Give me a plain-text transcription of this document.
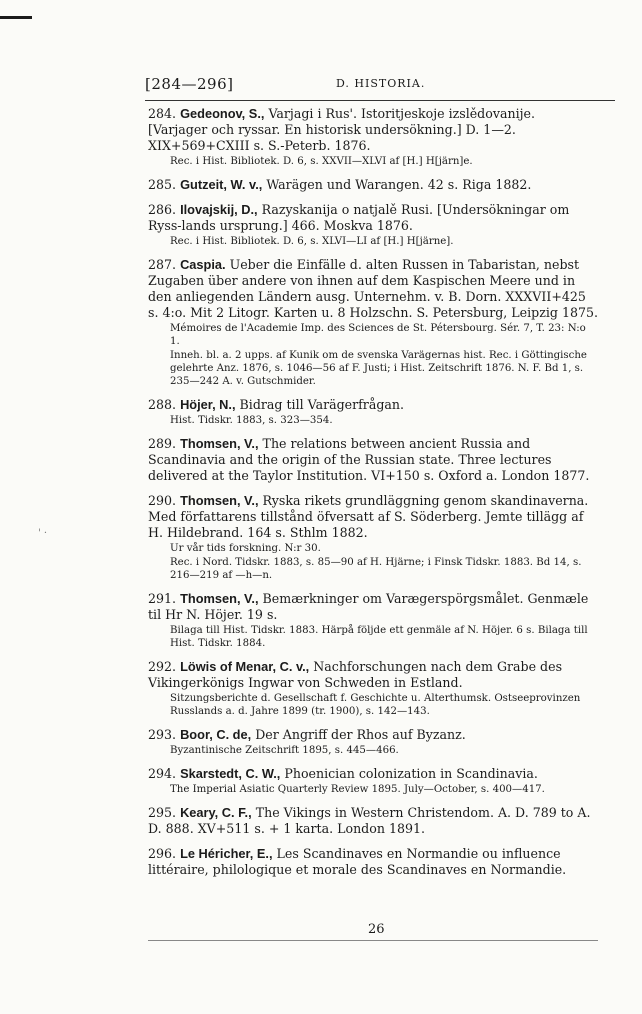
[284—296]	D. HISTORIA.
' ·
284. Gedeonov, S., Varjagi i Rus'. Istoritjeskoje izslědovanije. [Varjager och ryssar. En historisk undersökning.] D. 1—2. XIX+569+CXIII s. S.-Peterb. 1876.
Rec. i Hist. Bibliotek. D. 6, s. XXVII—XLVI af [H.] H[järn]e.
285. Gutzeit, W. v., Warägen und Warangen. 42 s. Riga 1882.
286. Ilovajskij, D., Razyskanija o natjalě Rusi. [Undersökningar om Ryss-lands ursprung.] 466. Moskva 1876.
Rec. i Hist. Bibliotek. D. 6, s. XLVI—LI af [H.] H[järne].
287. Caspia. Ueber die Einfälle d. alten Russen in Tabaristan, nebst Zugaben über andere von ihnen auf dem Kaspischen Meere und in den anliegenden Ländern ausg. Unternehm. v. B. Dorn. XXXVII+425 s. 4:o. Mit 2 Litogr. Karten u. 8 Holzschn. S. Petersburg, Leipzig 1875.
Mémoires de l'Academie Imp. des Sciences de St. Pétersbourg. Sér. 7, T. 23: N:o 1.
Inneh. bl. a. 2 upps. af Kunik om de svenska Varägernas hist. Rec. i Göttingische gelehrte Anz. 1876, s. 1046—56 af F. Justi; i Hist. Zeitschrift 1876. N. F. Bd 1, s. 235—242 A. v. Gutschmider.
288. Höjer, N., Bidrag till Varägerfrågan.
Hist. Tidskr. 1883, s. 323—354.
289. Thomsen, V., The relations between ancient Russia and Scandinavia and the origin of the Russian state. Three lectures delivered at the Taylor Institution. VI+150 s. Oxford a. London 1877.
290. Thomsen, V., Ryska rikets grundläggning genom skandinaverna. Med författarens tillstånd öfversatt af S. Söderberg. Jemte tillägg af H. Hildebrand. 164 s. Sthlm 1882.
Ur vår tids forskning. N:r 30.
Rec. i Nord. Tidskr. 1883, s. 85—90 af H. Hjärne; i Finsk Tidskr. 1883. Bd 14, s. 216—219 af —h—n.
291. Thomsen, V., Bemærkninger om Varægerspörgsmålet. Genmæle til Hr N. Höjer. 19 s.
Bilaga till Hist. Tidskr. 1883. Härpå följde ett genmäle af N. Höjer. 6 s. Bilaga till Hist. Tidskr. 1884.
292. Löwis of Menar, C. v., Nachforschungen nach dem Grabe des Vikingerkönigs Ingwar von Schweden in Estland.
Sitzungsberichte d. Gesellschaft f. Geschichte u. Alterthumsk. Ostseeprovinzen Russlands a. d. Jahre 1899 (tr. 1900), s. 142—143.
293. Boor, C. de, Der Angriff der Rhos auf Byzanz.
Byzantinische Zeitschrift 1895, s. 445—466.
294. Skarstedt, C. W., Phoenician colonization in Scandinavia.
The Imperial Asiatic Quarterly Review 1895. July—October, s. 400—417.
295. Keary, C. F., The Vikings in Western Christendom. A. D. 789 to A. D. 888. XV+511 s. + 1 karta. London 1891.
296. Le Héricher, E., Les Scandinaves en Normandie ou influence littéraire, philologique et morale des Scandinaves en Normandie.
26
